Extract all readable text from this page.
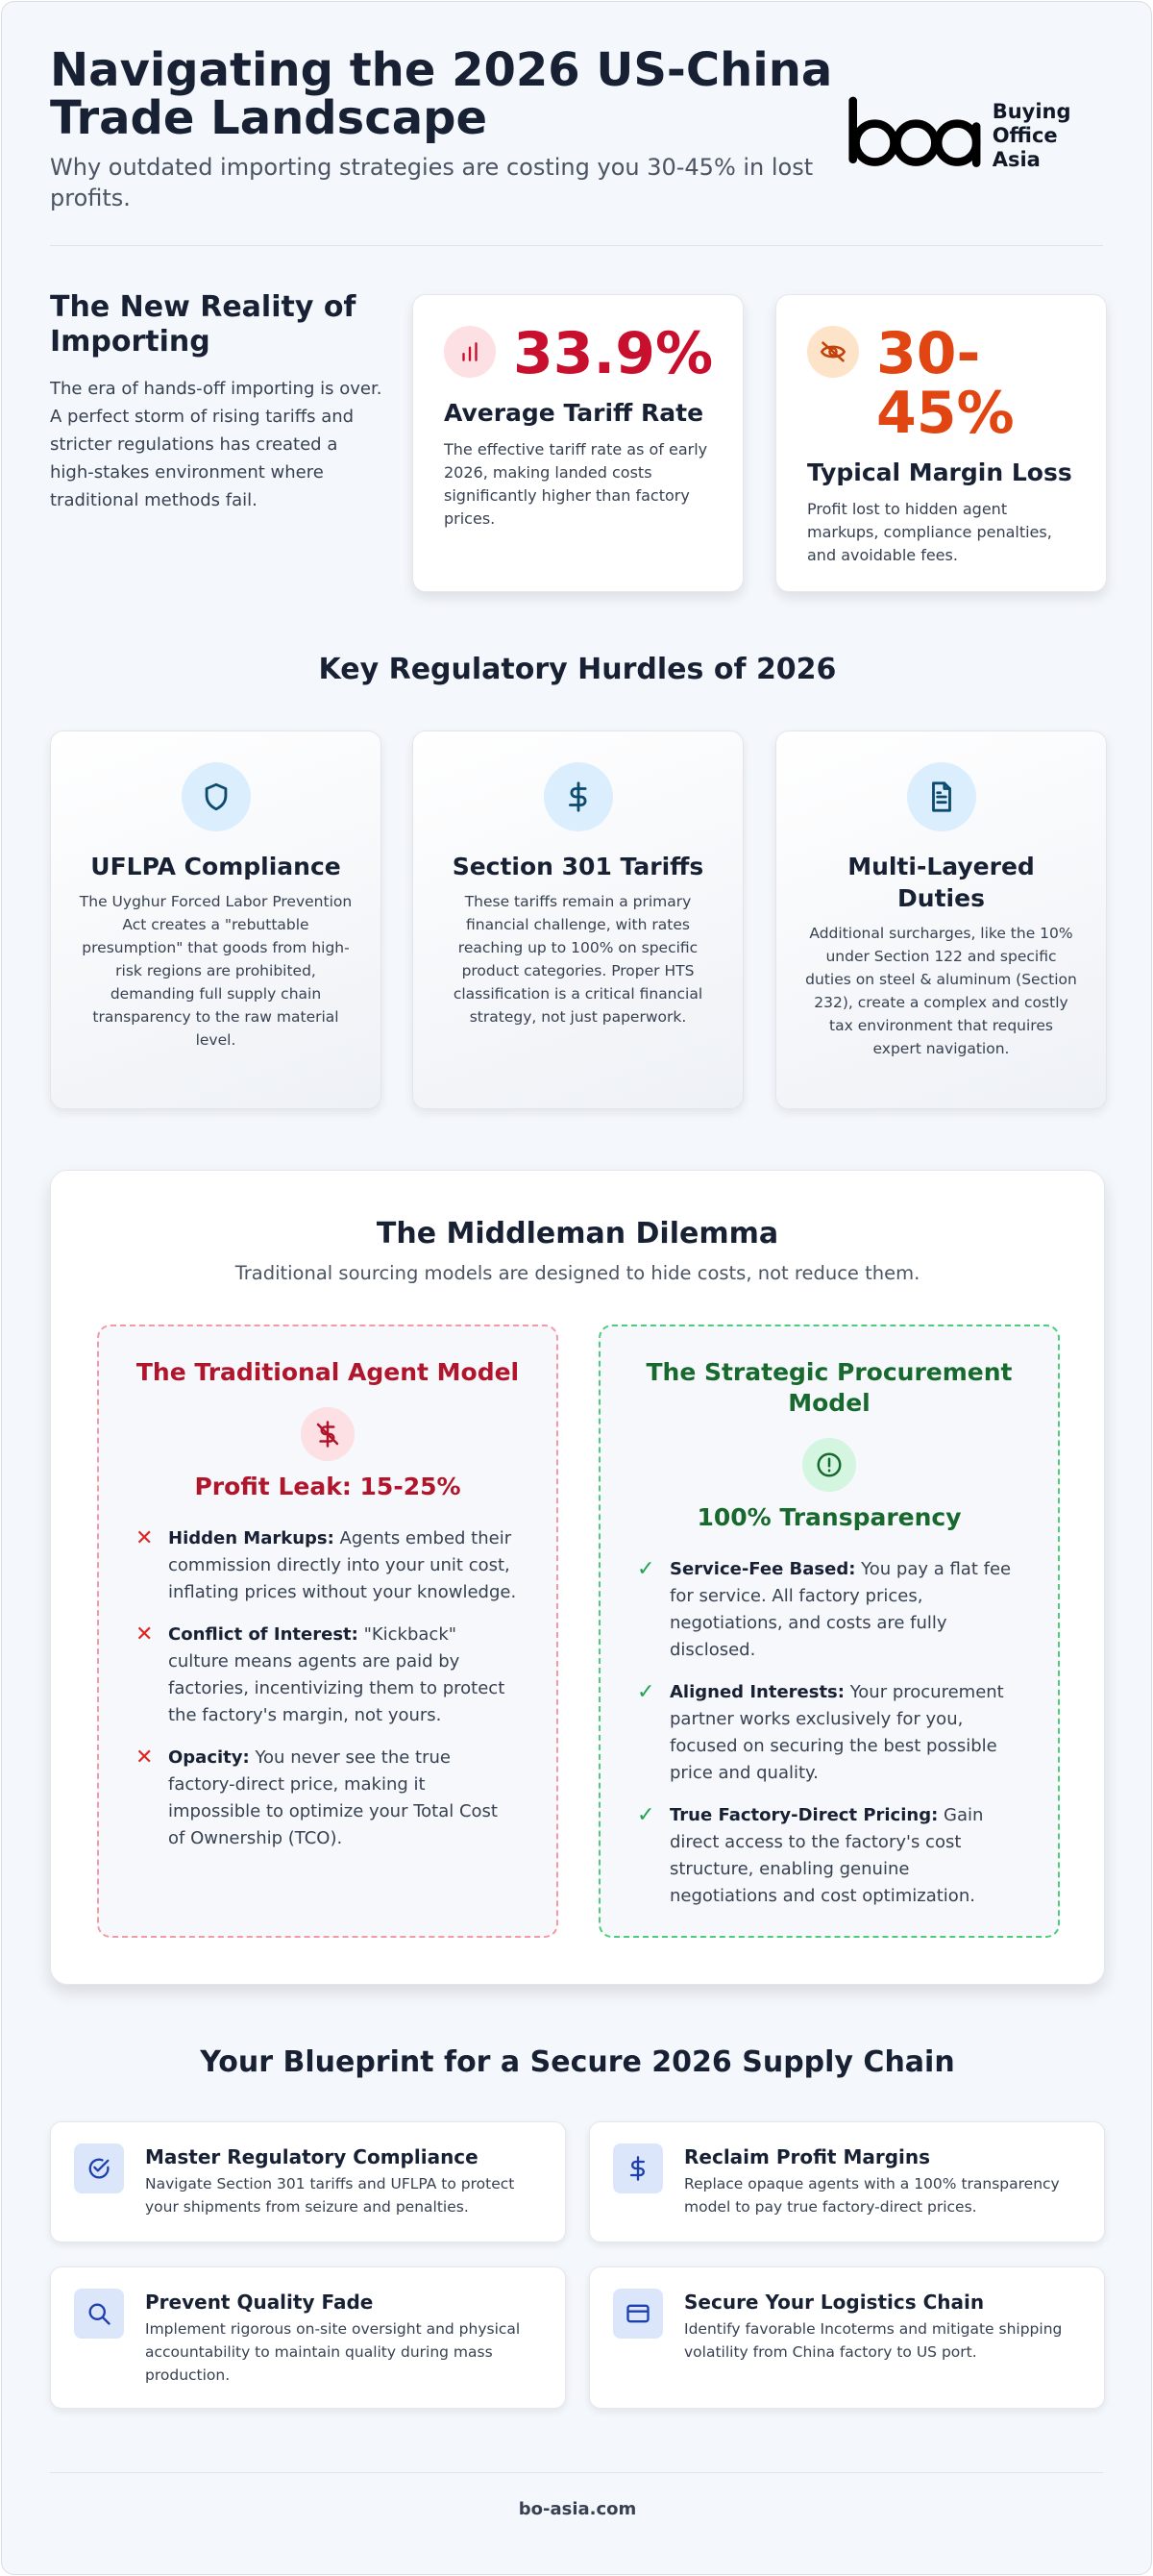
Navigating the 2026 US-China Trade Landscape

Why outdated importing strategies are costing you 30-45% in lost profits.

Buying
Office Asia
The New Reality of Importing

The era of hands-off importing is over. A perfect storm of rising tariffs and stricter regulations has created a high-stakes environment where traditional methods fail.

33.9%
Average Tariff Rate
The effective tariff rate as of early 2026, making landed costs significantly higher than factory prices.
30-45%
Typical Margin Loss
Profit lost to hidden agent markups, compliance penalties, and avoidable fees.
Key Regulatory Hurdles of 2026
UFLPA Compliance
The Uyghur Forced Labor Prevention Act creates a "rebuttable presumption" that goods from high-risk regions are prohibited, demanding full supply chain transparency to the raw material level.
Section 301 Tariffs
These tariffs remain a primary financial challenge, with rates reaching up to 100% on specific product categories. Proper HTS classification is a critical financial strategy, not just paperwork.
Multi-Layered Duties
Additional surcharges, like the 10% under Section 122 and specific duties on steel & aluminum (Section 232), create a complex and costly tax environment that requires expert navigation.
The Middleman Dilemma

Traditional sourcing models are designed to hide costs, not reduce them.

The Traditional Agent Model
Profit Leak: 15-25%
✕ Hidden Markups: Agents embed their commission directly into your unit cost, inflating prices without your knowledge.
✕ Conflict of Interest: "Kickback" culture means agents are paid by factories, incentivizing them to protect the factory's margin, not yours.
✕ Opacity: You never see the true factory-direct price, making it impossible to optimize your Total Cost of Ownership (TCO).
The Strategic Procurement Model
100% Transparency
✓ Service-Fee Based: You pay a flat fee for service. All factory prices, negotiations, and costs are fully disclosed.
✓ Aligned Interests: Your procurement partner works exclusively for you, focused on securing the best possible price and quality.
✓ True Factory-Direct Pricing: Gain direct access to the factory's cost structure, enabling genuine negotiations and cost optimization.
Your Blueprint for a Secure 2026 Supply Chain
Master Regulatory Compliance
Navigate Section 301 tariffs and UFLPA to protect your shipments from seizure and penalties.
Reclaim Profit Margins
Replace opaque agents with a 100% transparency model to pay true factory-direct prices.
Prevent Quality Fade
Implement rigorous on-site oversight and physical accountability to maintain quality during mass production.
Secure Your Logistics Chain
Identify favorable Incoterms and mitigate shipping volatility from China factory to US port.
bo-asia.com
